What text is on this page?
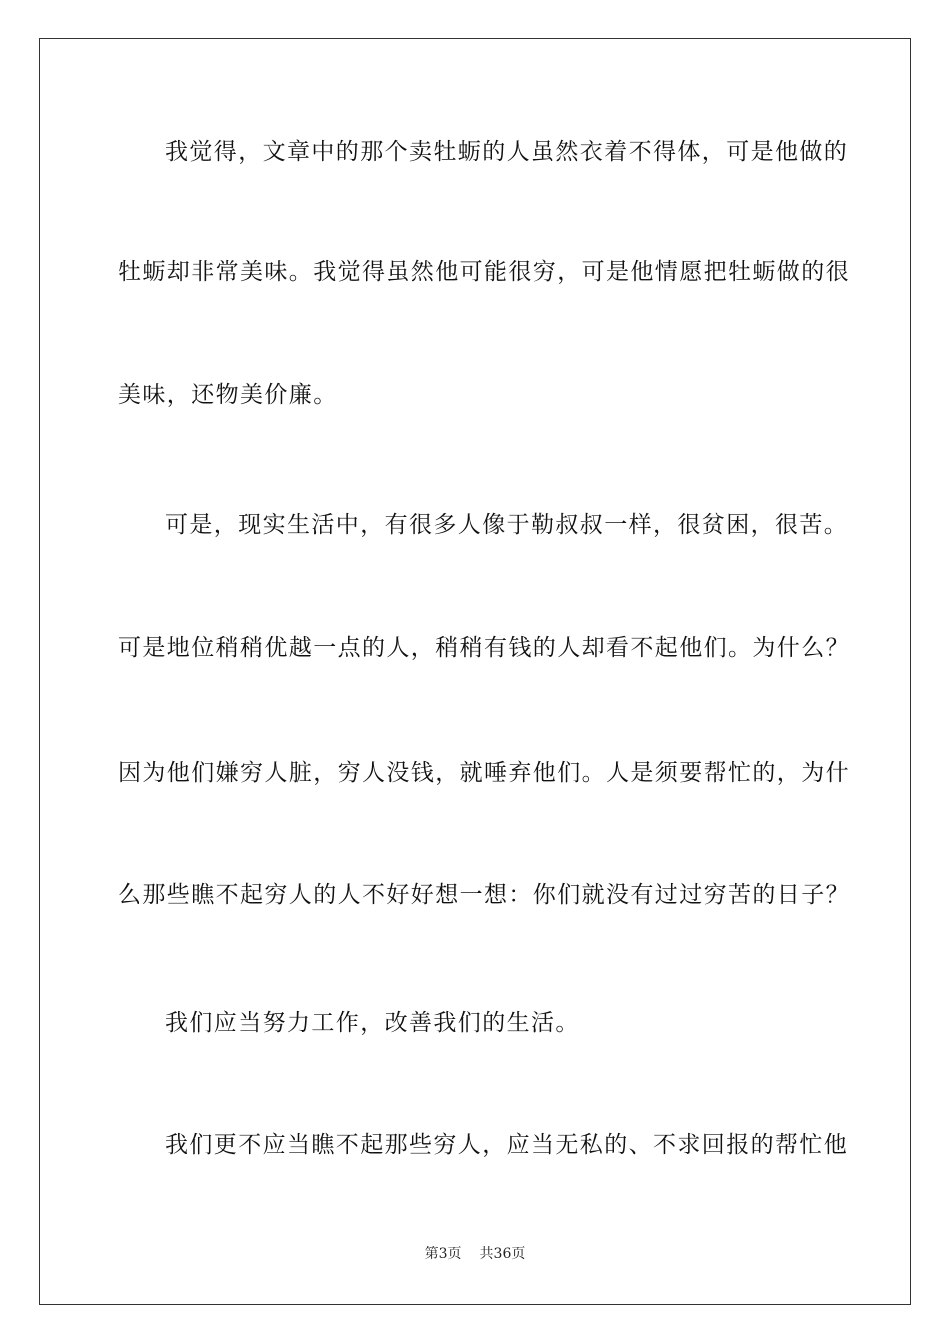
我觉得，文章中的那个卖牡蛎的人虽然衣着不得体，可是他做的
牡蛎却非常美味。我觉得虽然他可能很穷，可是他情愿把牡蛎做的很
美味，还物美价廉。
可是，现实生活中，有很多人像于勒叔叔一样，很贫困，很苦。
可是地位稍稍优越一点的人，稍稍有钱的人却看不起他们。为什么？
因为他们嫌穷人脏，穷人没钱，就唾弃他们。人是须要帮忙的，为什
么那些瞧不起穷人的人不好好想一想：你们就没有过过穷苦的日子？
我们应当努力工作，改善我们的生活。
我们更不应当瞧不起那些穷人，应当无私的、不求回报的帮忙他
第3页 共36页
